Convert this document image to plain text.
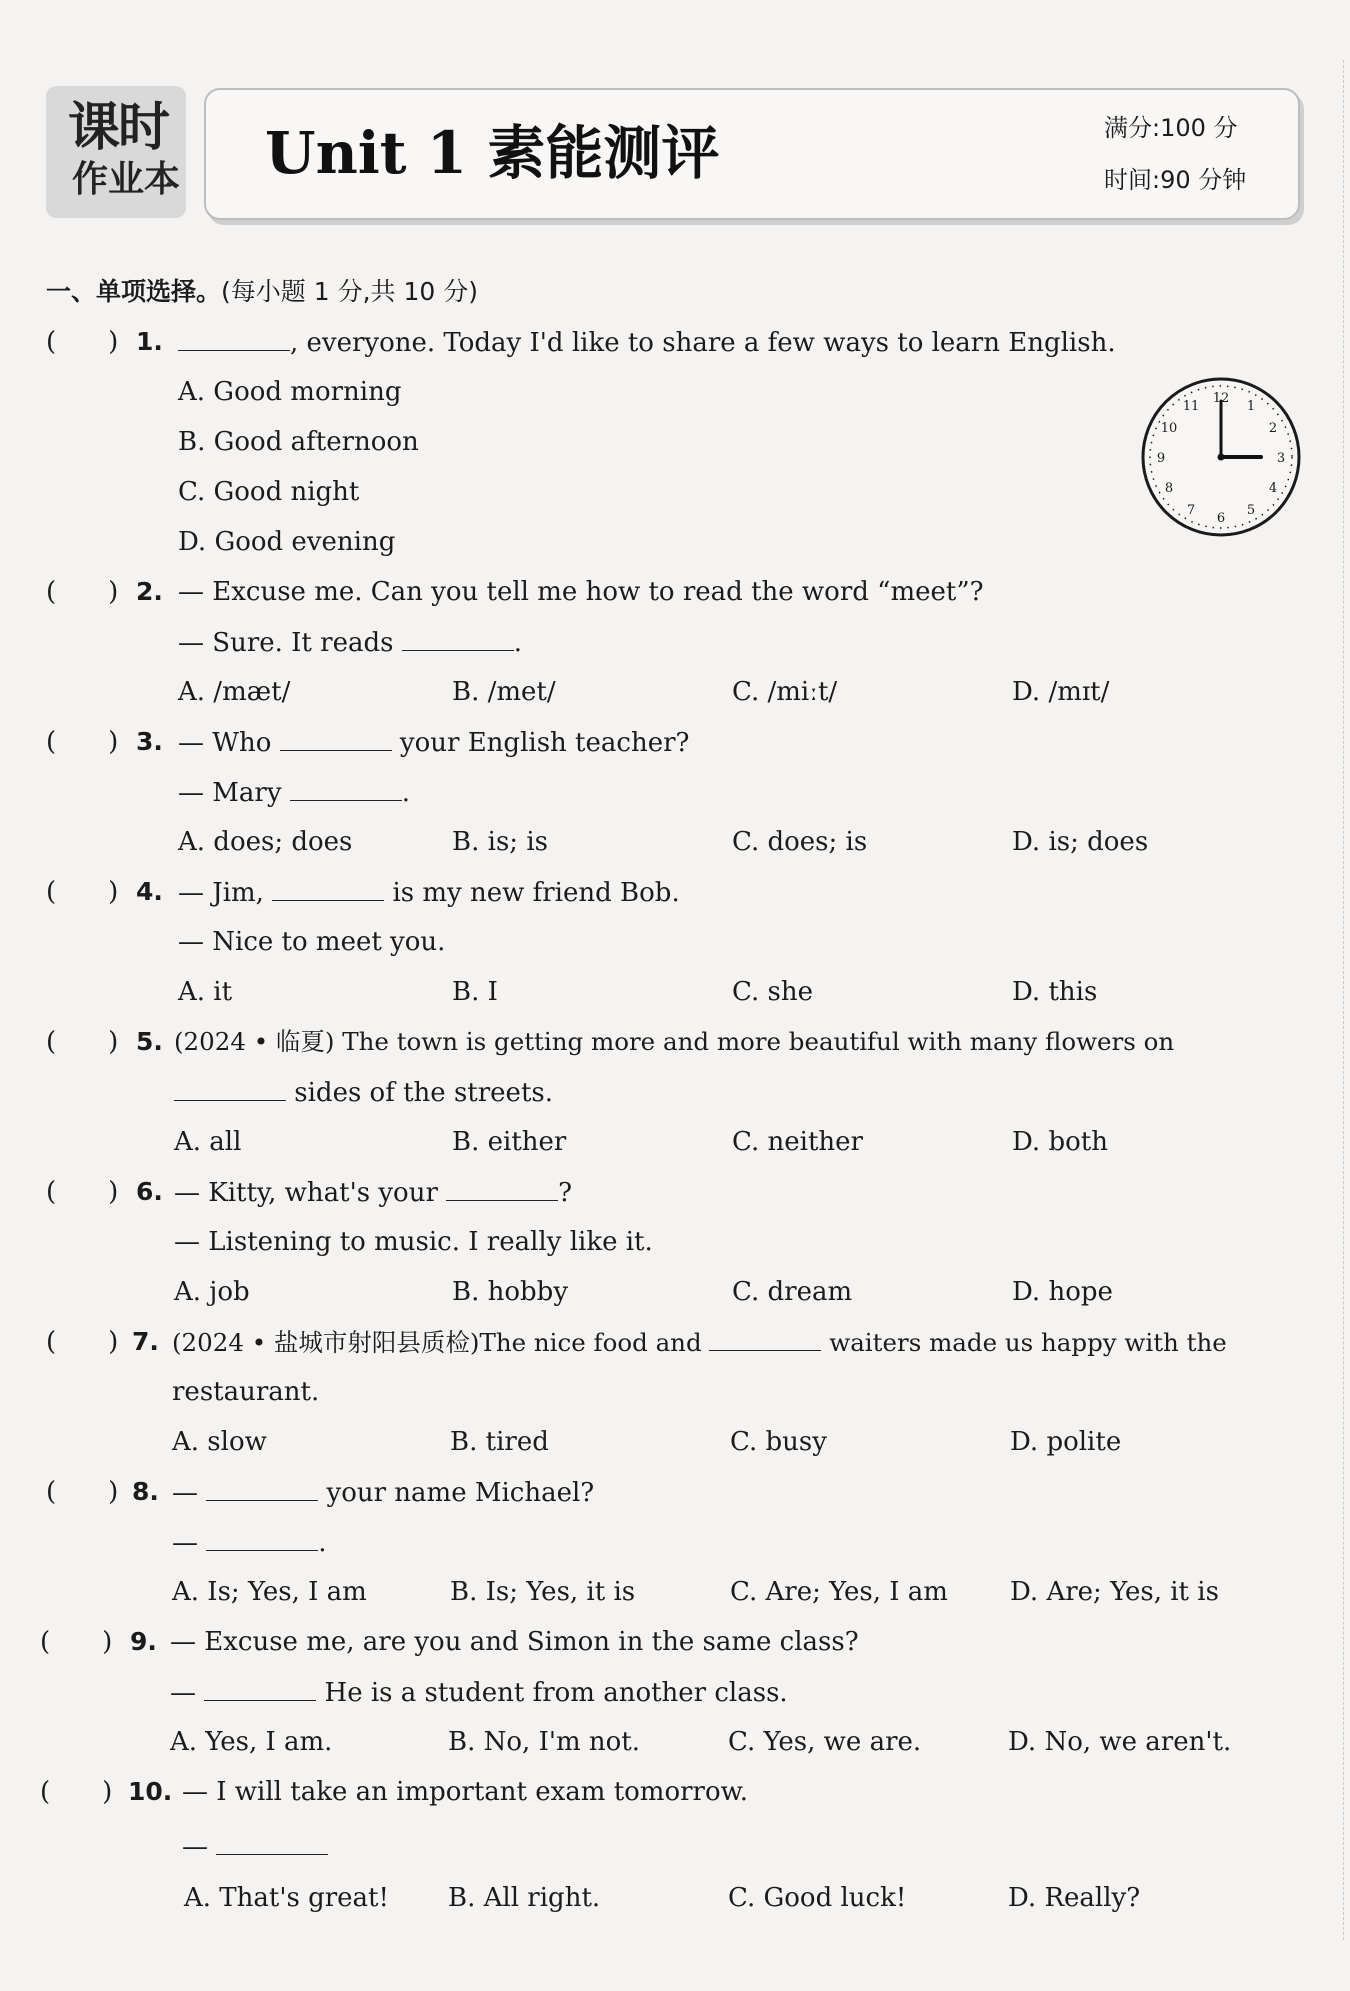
课时
作业本 Unit 1 素能测评	满分:100 分
时间:90 分钟
一、单项选择。(每小题 1 分,共 10 分)
(　　) 1.	, everyone. Today I'd like to share a few ways to learn English.
A. Good morning
B. Good afternoon
C. Good night
D. Good evening
12
1
2
3
4
5
6
7
8
9
10
11
(　　) 2. — Excuse me. Can you tell me how to read the word “meet”?
— Sure. It reads	.
A. /mæt/	B. /met/	C. /miːt/	D. /mɪt/
(　　) 3. — Who	your English teacher?
— Mary	.
A. does; does	B. is; is	C. does; is	D. is; does
(　　) 4. — Jim,	is my new friend Bob.
— Nice to meet you.
A. it	B. I	C. she	D. this
(　　) 5. (2024 • 临夏) The town is getting more and more beautiful with many flowers on
sides of the streets.
A. all	B. either	C. neither	D. both
(　　) 6. — Kitty, what's your	?
— Listening to music. I really like it.
A. job	B. hobby	C. dream	D. hope
(　　) 7. (2024 • 盐城市射阳县质检)The nice food and	waiters made us happy with the
restaurant.
A. slow	B. tired	C. busy	D. polite
(　　) 8. —	your name Michael?
—	.
A. Is; Yes, I am	B. Is; Yes, it is	C. Are; Yes, I am D. Are; Yes, it is
(　　) 9. — Excuse me, are you and Simon in the same class?
—	He is a student from another class.
A. Yes, I am.	B. No, I'm not.	C. Yes, we are.	D. No, we aren't.
(　　) 10. — I will take an important exam tomorrow.
—
A. That's great! B. All right.	C. Good luck!	D. Really?
